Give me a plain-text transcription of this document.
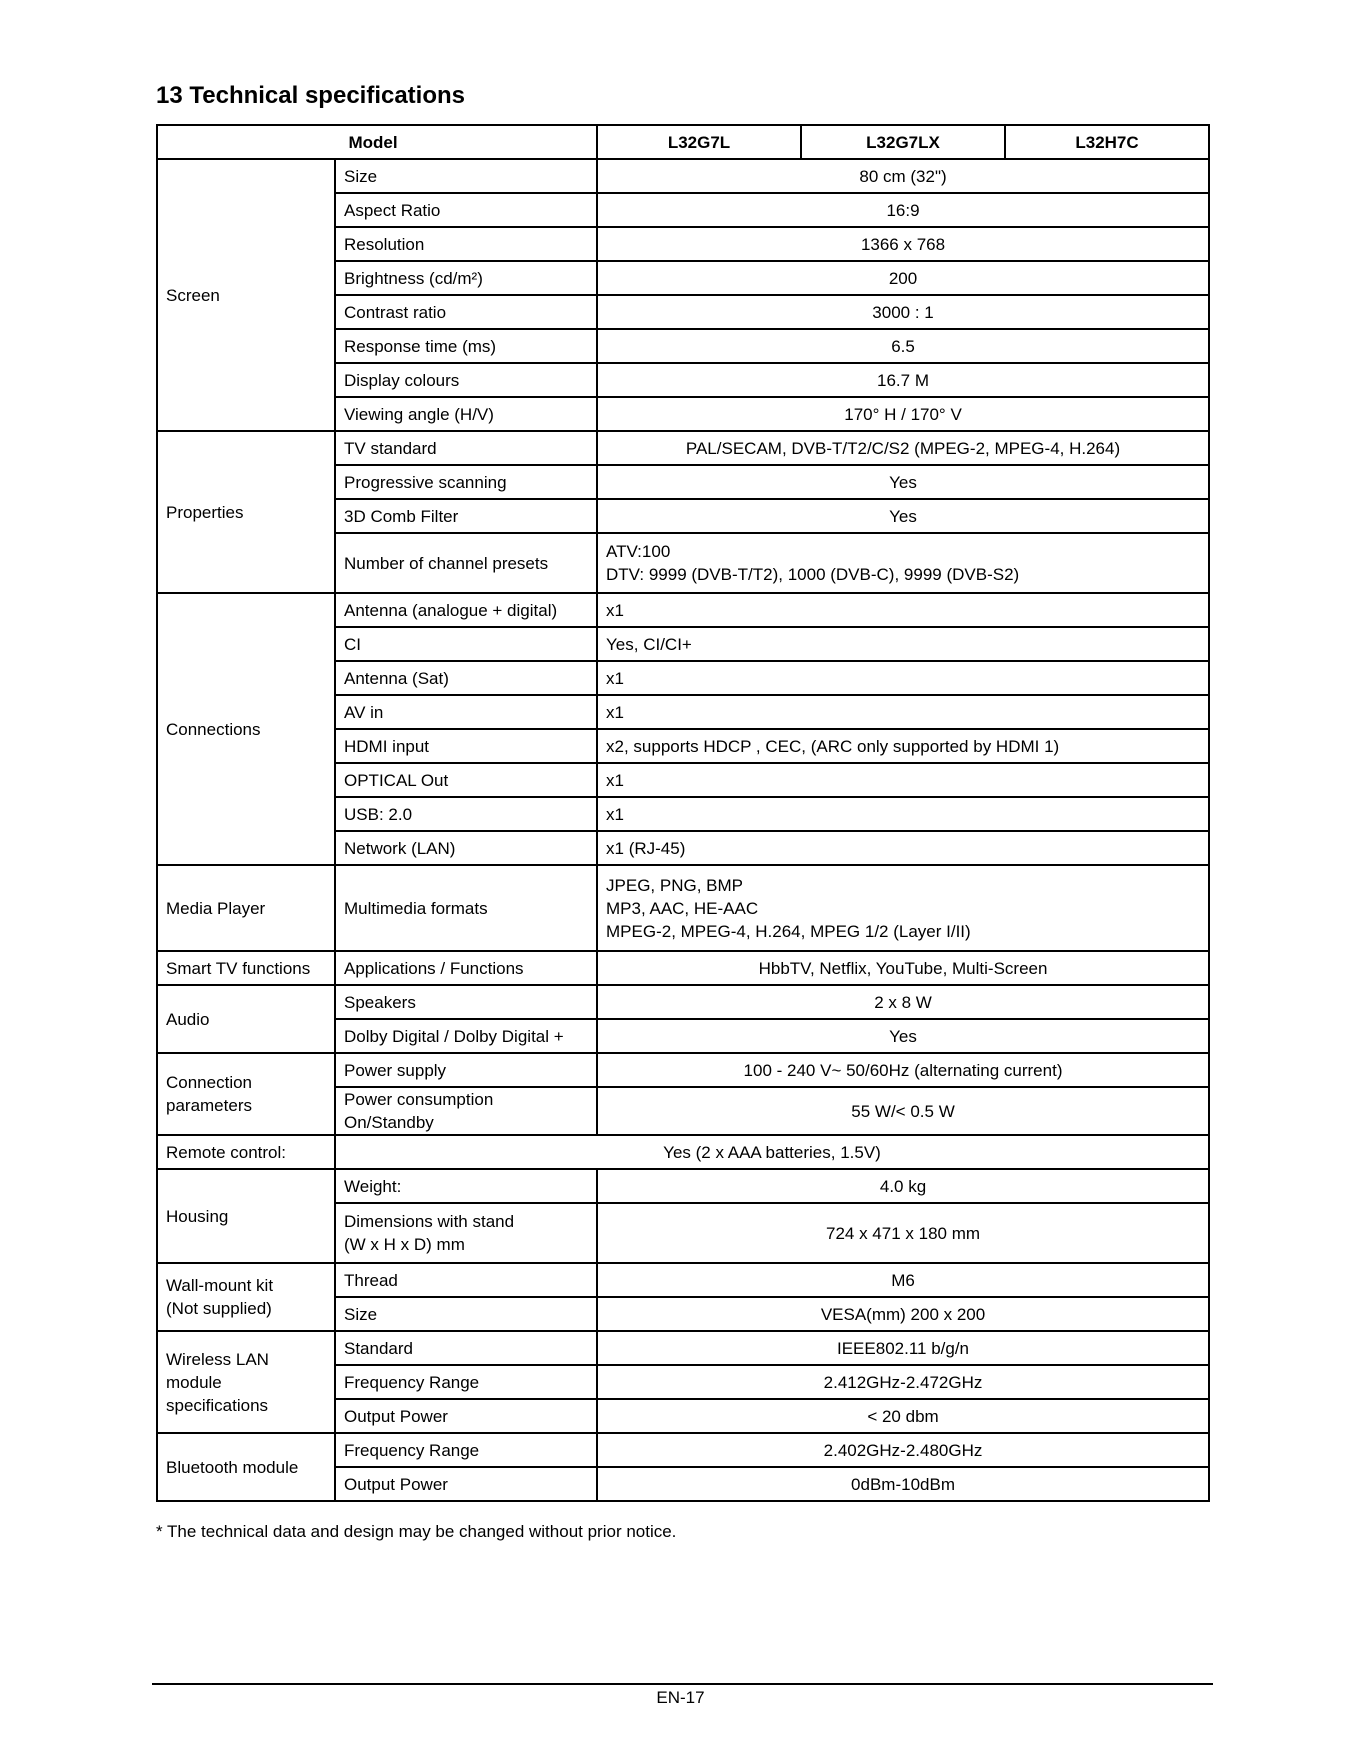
13 Technical specifications
Model		L32G7L	L32G7LX	L32H7C
Screen	Size	80 cm (32")		
	Aspect Ratio	16:9		
	Resolution	1366 x 768		
	Brightness (cd/m²)	200		
	Contrast ratio	3000 : 1		
	Response time (ms)	6.5		
	Display colours	16.7 M		
	Viewing angle (H/V)	170° H / 170° V		
Properties	TV standard	PAL/SECAM, DVB-T/T2/C/S2 (MPEG-2, MPEG-4, H.264)		
	Progressive scanning	Yes		
	3D Comb Filter	Yes		
	Number of channel presets	ATV:100
DTV: 9999 (DVB-T/T2), 1000 (DVB-C), 9999 (DVB-S2)		

Connections	Antenna (analogue + digital)	x1		
	CI	Yes, CI/CI+		
	Antenna (Sat)	x1		
	AV in	x1		
	HDMI input	x2, supports HDCP , CEC, (ARC only supported by HDMI 1)		
	OPTICAL Out	x1		
	USB: 2.0	x1		
	Network (LAN)	x1 (RJ-45)		
Media Player	Multimedia formats	JPEG, PNG, BMP
MP3, AAC, HE-AAC
MPEG-2, MPEG-4, H.264, MPEG 1/2 (Layer I/II)		

Smart TV functions	Applications / Functions	HbbTV, Netflix, YouTube, Multi-Screen		
Audio	Speakers	2 x 8 W		
	Dolby Digital / Dolby Digital +	Yes		

Connection
parameters	Power supply	100 - 240 V~ 50/60Hz (alternating current)		

	Power consumption
On/Standby	55 W/< 0.5 W		
Remote control:	Yes (2 x AAA batteries, 1.5V)			
Housing	Weight:	4.0 kg		

	Dimensions with stand
(W x H x D) mm	724 x 471 x 180 mm		

Wall-mount kit
(Not supplied)	Thread	M6		
	Size	VESA(mm) 200 x 200		

Wireless LAN
module
specifications	Standard	IEEE802.11 b/g/n		
	Frequency Range	2.412GHz-2.472GHz		
	Output Power	< 20 dbm		
Bluetooth module	Frequency Range	2.402GHz-2.480GHz		
	Output Power	0dBm-10dBm		
* The technical data and design may be changed without prior notice.
EN-17
